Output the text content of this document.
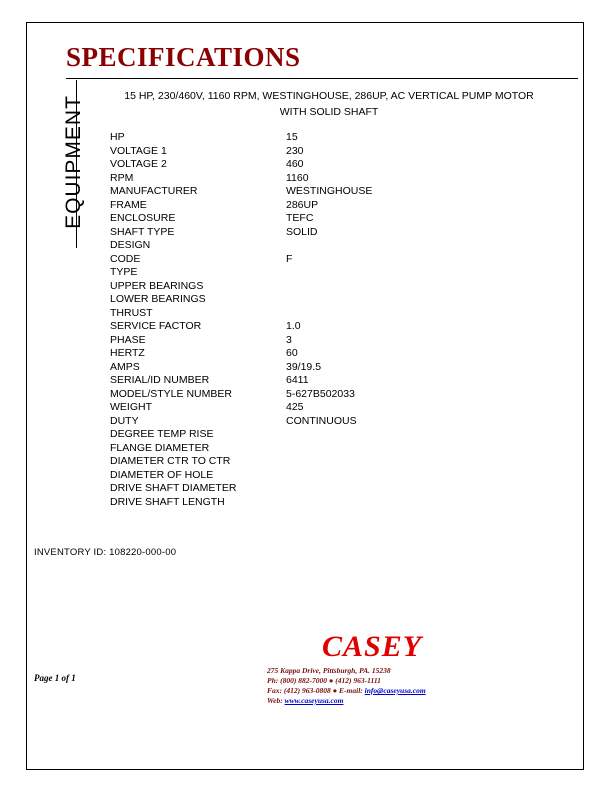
SPECIFICATIONS
EQUIPMENT	15 HP, 230/460V, 1160 RPM, WESTINGHOUSE, 286UP, AC VERTICAL PUMP MOTOR
WITH SOLID SHAFT
HP	15
VOLTAGE 1	230
VOLTAGE 2	460
RPM	1160
MANUFACTURER	WESTINGHOUSE
FRAME	286UP
ENCLOSURE	TEFC
SHAFT TYPE	SOLID
DESIGN	
CODE	F
TYPE	
UPPER BEARINGS	
LOWER BEARINGS	
THRUST	
SERVICE FACTOR	1.0
PHASE	3
HERTZ	60
AMPS	39/19.5
SERIAL/ID NUMBER	6411
MODEL/STYLE NUMBER	5-627B502033
WEIGHT	425
DUTY	CONTINUOUS
DEGREE TEMP RISE	
FLANGE DIAMETER	
DIAMETER CTR TO CTR	
DIAMETER OF HOLE	
DRIVE SHAFT DIAMETER	
DRIVE SHAFT LENGTH	
INVENTORY ID: 108220-000-00
Page 1 of 1
CASEY
275 Kappa Drive, Pittsburgh, PA. 15238
Ph: (800) 882-7000 ● (412) 963-1111
Fax: (412) 963-0808 ● E-mail: info@caseyusa.com
Web: www.caseyusa.com
